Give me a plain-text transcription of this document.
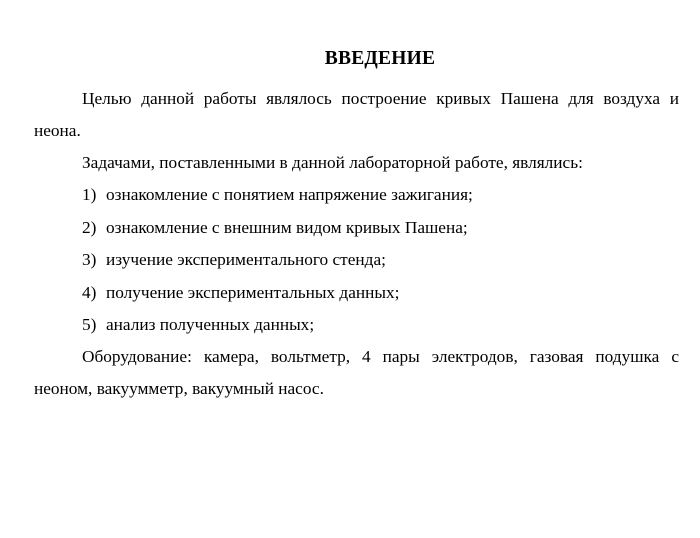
ВВЕДЕНИЕ

Целью данной работы являлось построение кривых Пашена для воздуха и неона.

Задачами, поставленными в данной лабораторной работе, являлись:

1) ознакомление с понятием напряжение зажигания;
2) ознакомление с внешним видом кривых Пашена;
3) изучение экспериментального стенда;
4) получение экспериментальных данных;
5) анализ полученных данных;

Оборудование: камера, вольтметр, 4 пары электродов, газовая подушка с неоном, вакуумметр, вакуумный насос.
